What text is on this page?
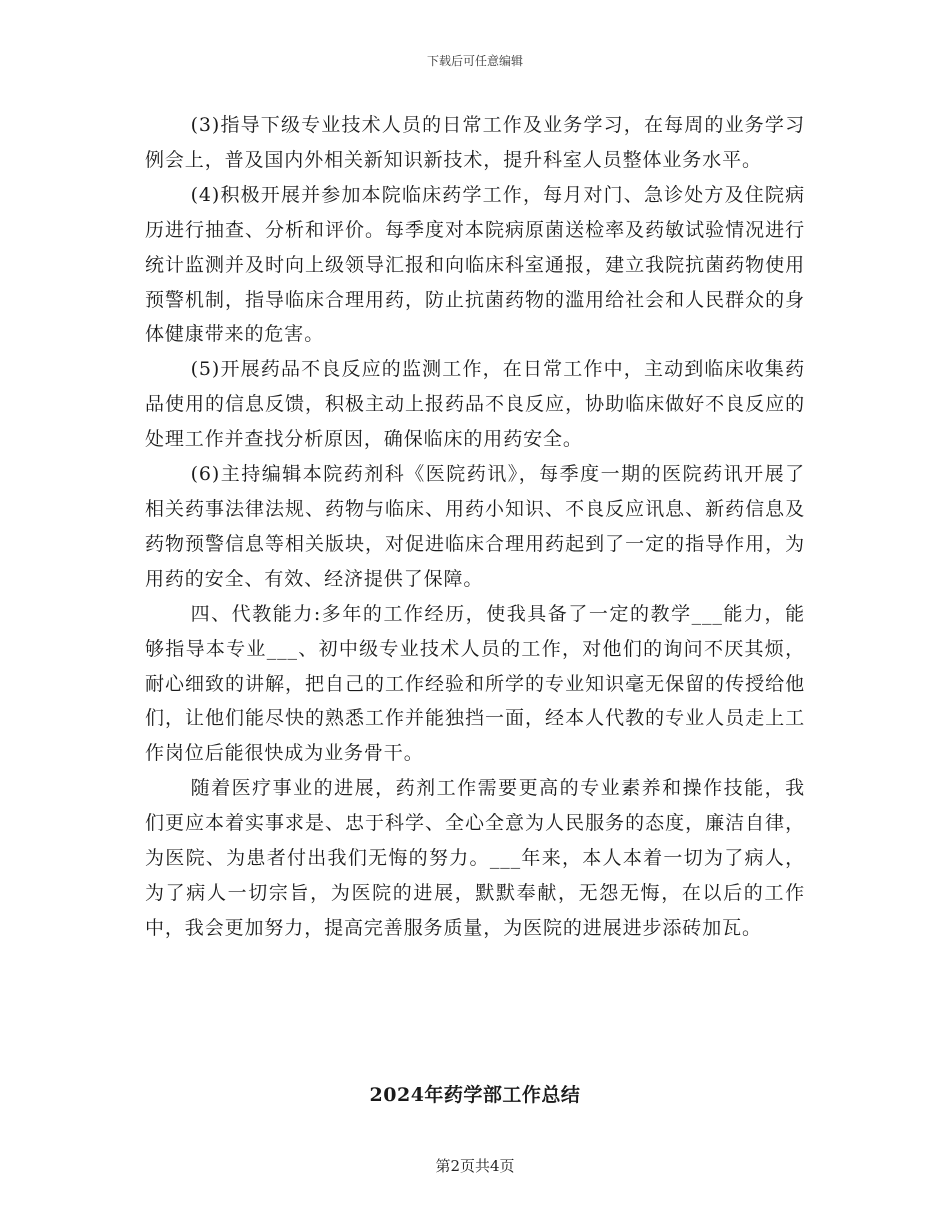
下载后可任意编辑

(3)指导下级专业技术人员的日常工作及业务学习，在每周的业务学习例会上，普及国内外相关新知识新技术，提升科室人员整体业务水平。

(4)积极开展并参加本院临床药学工作，每月对门、急诊处方及住院病历进行抽查、分析和评价。每季度对本院病原菌送检率及药敏试验情况进行统计监测并及时向上级领导汇报和向临床科室通报，建立我院抗菌药物使用预警机制，指导临床合理用药，防止抗菌药物的滥用给社会和人民群众的身体健康带来的危害。

(5)开展药品不良反应的监测工作，在日常工作中，主动到临床收集药品使用的信息反馈，积极主动上报药品不良反应，协助临床做好不良反应的处理工作并查找分析原因，确保临床的用药安全。

(6)主持编辑本院药剂科《医院药讯》，每季度一期的医院药讯开展了相关药事法律法规、药物与临床、用药小知识、不良反应讯息、新药信息及药物预警信息等相关版块，对促进临床合理用药起到了一定的指导作用，为用药的安全、有效、经济提供了保障。

四、代教能力:多年的工作经历，使我具备了一定的教学___能力，能够指导本专业___、初中级专业技术人员的工作，对他们的询问不厌其烦，耐心细致的讲解，把自己的工作经验和所学的专业知识毫无保留的传授给他们，让他们能尽快的熟悉工作并能独挡一面，经本人代教的专业人员走上工作岗位后能很快成为业务骨干。

随着医疗事业的进展，药剂工作需要更高的专业素养和操作技能，我们更应本着实事求是、忠于科学、全心全意为人民服务的态度，廉洁自律，为医院、为患者付出我们无悔的努力。___年来，本人本着一切为了病人，为了病人一切宗旨，为医院的进展，默默奉献，无怨无悔，在以后的工作中，我会更加努力，提高完善服务质量，为医院的进展进步添砖加瓦。

2024年药学部工作总结
第2页共4页
